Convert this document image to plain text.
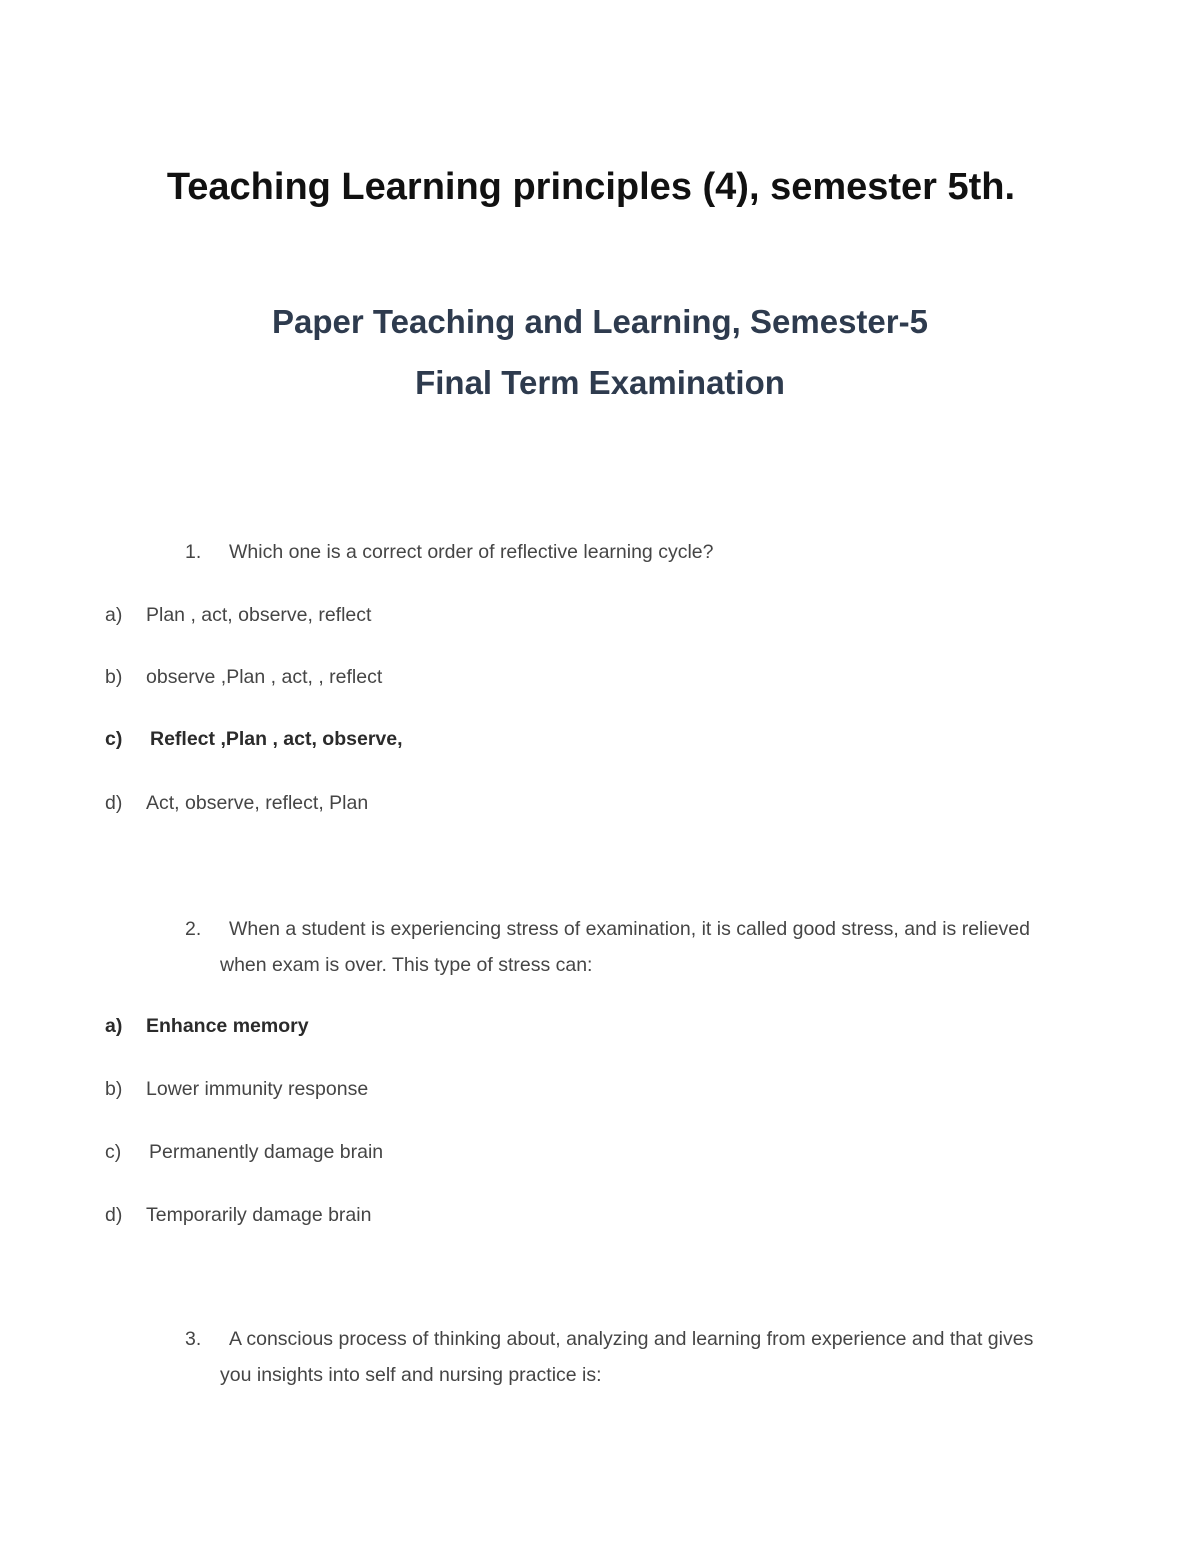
Teaching Learning principles (4), semester 5th.
Paper Teaching and Learning, Semester-5
Final Term Examination
1.	Which one is a correct order of reflective learning cycle?
a) Plan , act, observe, reflect
b) observe ,Plan , act, , reflect
c) Reflect ,Plan , act, observe,
d) Act, observe, reflect, Plan
2.	When a student is experiencing stress of examination, it is called good stress, and is relieved when exam is over. This type of stress can:
a) Enhance memory
b) Lower immunity response
c) Permanently damage brain
d) Temporarily damage brain
3.	A conscious process of thinking about, analyzing and learning from experience and that gives you insights into self and nursing practice is:
